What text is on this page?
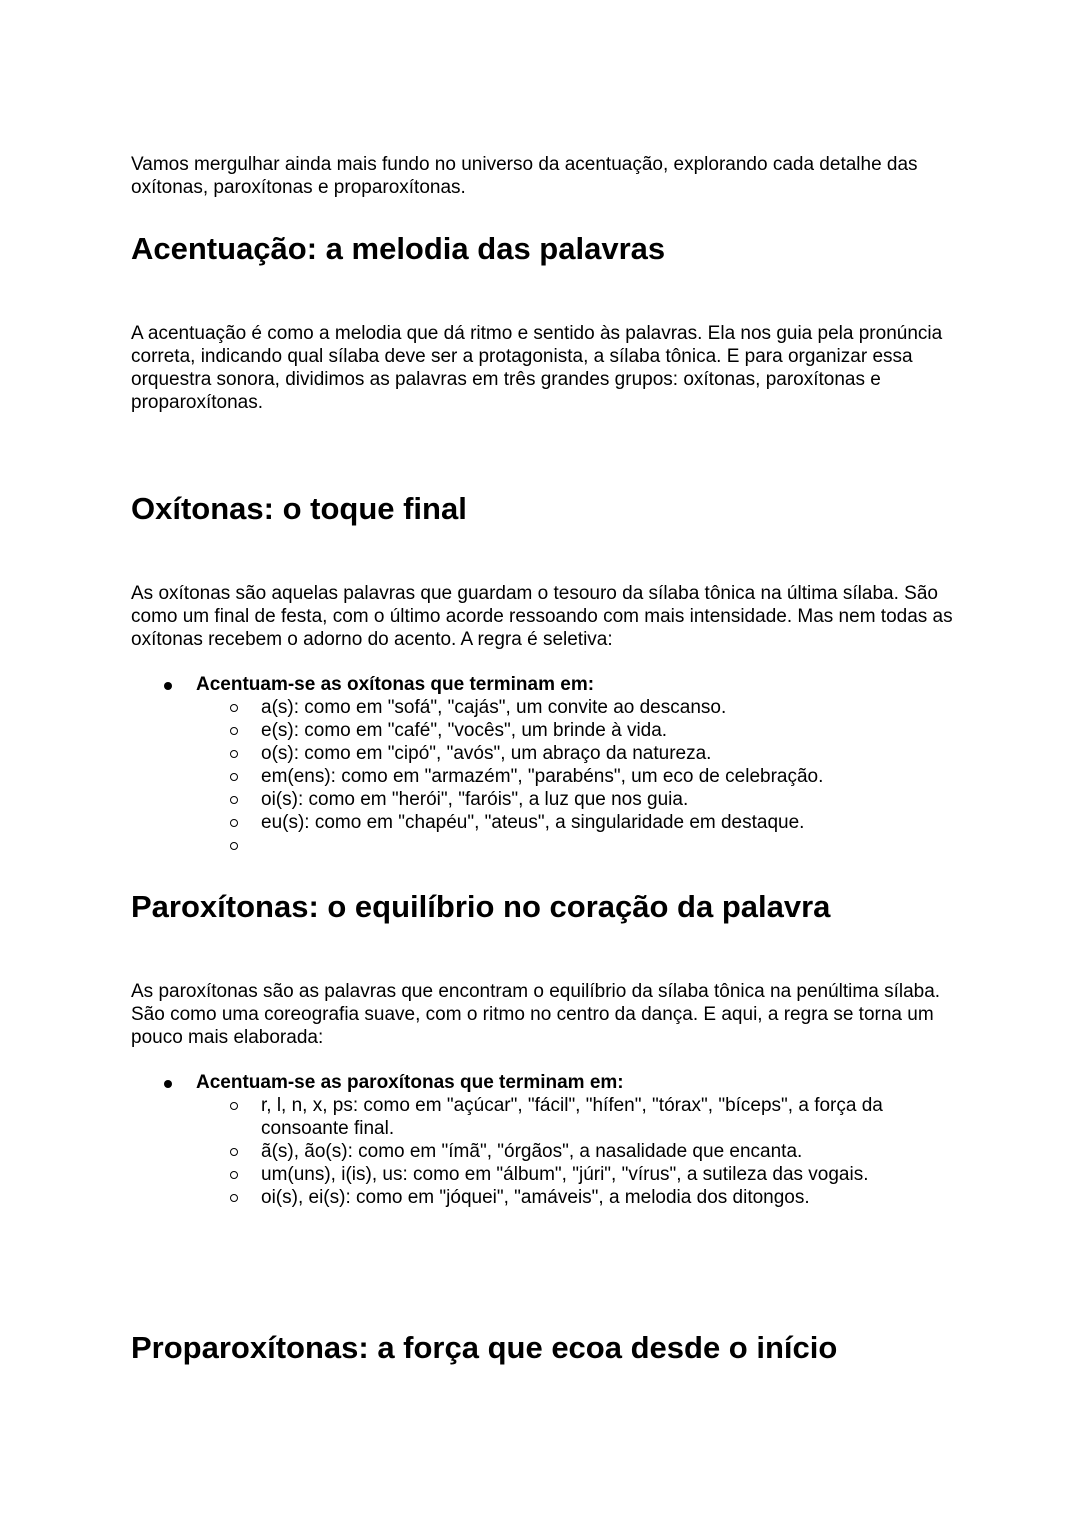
Vamos mergulhar ainda mais fundo no universo da acentuação, explorando cada detalhe das oxítonas, paroxítonas e proparoxítonas.

Acentuação: a melodia das palavras

A acentuação é como a melodia que dá ritmo e sentido às palavras. Ela nos guia pela pronúncia correta, indicando qual sílaba deve ser a protagonista, a sílaba tônica. E para organizar essa orquestra sonora, dividimos as palavras em três grandes grupos: oxítonas, paroxítonas e proparoxítonas.

Oxítonas: o toque final

As oxítonas são aquelas palavras que guardam o tesouro da sílaba tônica na última sílaba. São como um final de festa, com o último acorde ressoando com mais intensidade. Mas nem todas as oxítonas recebem o adorno do acento. A regra é seletiva:

Acentuam-se as oxítonas que terminam em:
a(s): como em "sofá", "cajás", um convite ao descanso.
e(s): como em "café", "vocês", um brinde à vida.
o(s): como em "cipó", "avós", um abraço da natureza.
em(ens): como em "armazém", "parabéns", um eco de celebração.
oi(s): como em "herói", "faróis", a luz que nos guia.
eu(s): como em "chapéu", "ateus", a singularidade em destaque.
Paroxítonas: o equilíbrio no coração da palavra

As paroxítonas são as palavras que encontram o equilíbrio da sílaba tônica na penúltima sílaba. São como uma coreografia suave, com o ritmo no centro da dança. E aqui, a regra se torna um pouco mais elaborada:

Acentuam-se as paroxítonas que terminam em:
r, l, n, x, ps: como em "açúcar", "fácil", "hífen", "tórax", "bíceps", a força da consoante final.
ã(s), ão(s): como em "ímã", "órgãos", a nasalidade que encanta.
um(uns), i(is), us: como em "álbum", "júri", "vírus", a sutileza das vogais.
oi(s), ei(s): como em "jóquei", "amáveis", a melodia dos ditongos.
Proparoxítonas: a força que ecoa desde o início
